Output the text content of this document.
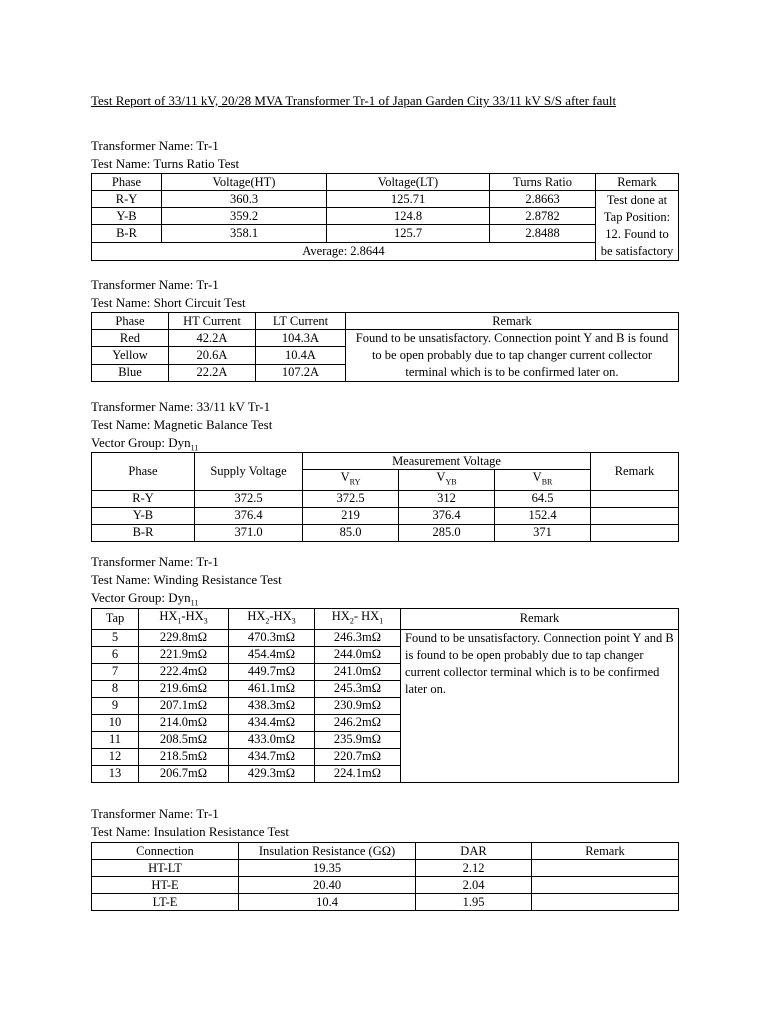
Test Report of 33/11 kV, 20/28 MVA Transformer Tr-1 of Japan Garden City 33/11 kV S/S after fault
Transformer Name: Tr-1
Test Name: Turns Ratio Test
Phase	Voltage(HT)	Voltage(LT)	Turns Ratio	Remark
R-Y	360.3	125.71	2.8663	Test done at Tap Position: 12. Found to be satisfactory
Y-B	359.2	124.8	2.8782	
B-R	358.1	125.7	2.8488	
Average: 2.8644				
Transformer Name: Tr-1
Test Name: Short Circuit Test
Phase	HT Current	LT Current	Remark
Red	42.2A	104.3A	Found to be unsatisfactory. Connection point Y and B is found to be open probably due to tap changer current collector terminal which is to be confirmed later on.
Yellow	20.6A	10.4A	
Blue	22.2A	107.2A	
Transformer Name: 33/11 kV Tr-1
Test Name: Magnetic Balance Test
Vector Group: Dyn$_{11}$
Phase	Supply Voltage	Measurement Voltage			Remark
		$V_{RY}$	$V_{YB}$	$V_{BR}$
R-Y	372.5	372.5	312	64.5	
Y-B	376.4	219	376.4	152.4	
B-R	371.0	85.0	285.0	371	
Transformer Name: Tr-1
Test Name: Winding Resistance Test
Vector Group: Dyn$_{11}$
Tap	$HX_1-HX_3$	$HX_2-HX_3$	$HX_2-$ $HX_1$	Remark
5	229.8mΩ	470.3mΩ	246.3mΩ	Found to be unsatisfactory. Connection point Y and B is found to be open probably due to tap changer current collector terminal which is to be confirmed later on.
6	221.9mΩ	454.4mΩ	244.0mΩ	
7	222.4mΩ	449.7mΩ	241.0mΩ	
8	219.6mΩ	461.1mΩ	245.3mΩ	
9	207.1mΩ	438.3mΩ	230.9mΩ	
10	214.0mΩ	434.4mΩ	246.2mΩ	
11	208.5mΩ	433.0mΩ	235.9mΩ	
12	218.5mΩ	434.7mΩ	220.7mΩ	
13	206.7mΩ	429.3mΩ	224.1mΩ	
Transformer Name: Tr-1
Test Name: Insulation Resistance Test
Connection	Insulation Resistance (GΩ)	DAR	Remark
HT-LT	19.35	2.12	
HT-E	20.40	2.04	
LT-E	10.4	1.95	
